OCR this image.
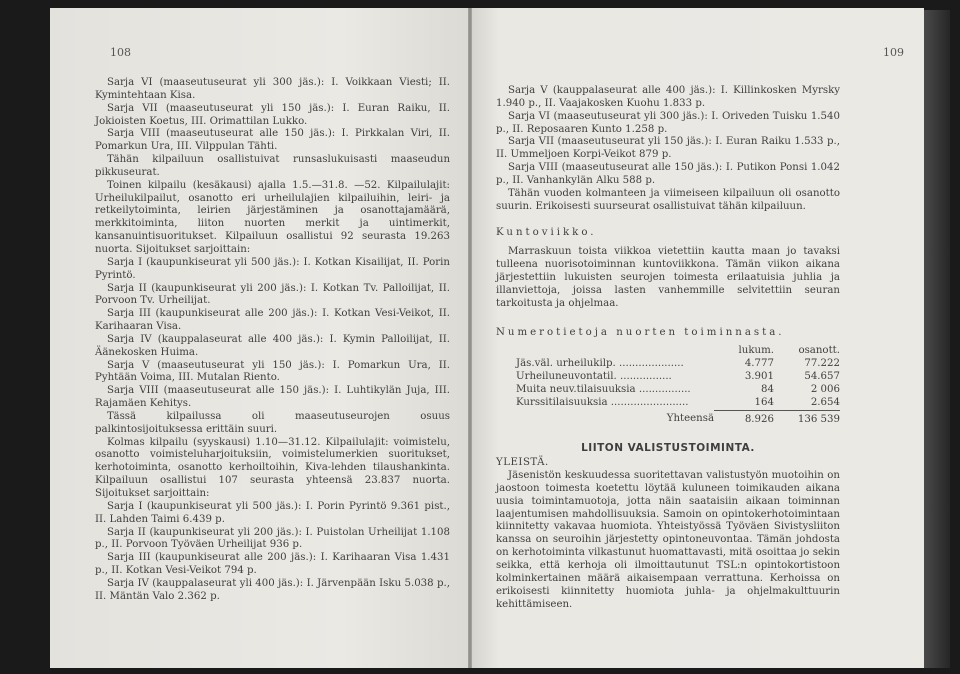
108

Sarja VI (maaseutuseurat yli 300 jäs.): I. Voikkaan Viesti; II. Kymintehtaan Kisa.

Sarja VII (maaseutuseurat yli 150 jäs.): I. Euran Raiku, II. Jokioisten Koetus, III. Orimattilan Lukko.

Sarja VIII (maaseutuseurat alle 150 jäs.): I. Pirkkalan Viri, II. Pomarkun Ura, III. Vilppulan Tähti.

Tähän kilpailuun osallistuivat runsaslukuisasti maaseudun pikkuseurat.

Toinen kilpailu (kesäkausi) ajalla 1.5.—31.8. —52. Kilpailulajit: Urheilukilpailut, osanotto eri urheilulajien kilpailuihin, leiri- ja retkeilytoiminta, leirien järjestäminen ja osanottajamäärä, merkkitoiminta, liiton nuorten merkit ja uintimerkit, kansanuintisuoritukset. Kilpailuun osallistui 92 seurasta 19.263 nuorta. Sijoitukset sarjoittain:

Sarja I (kaupunkiseurat yli 500 jäs.): I. Kotkan Kisailijat, II. Porin Pyrintö.

Sarja II (kaupunkiseurat yli 200 jäs.): I. Kotkan Tv. Palloilijat, II. Porvoon Tv. Urheilijat.

Sarja III (kaupunkiseurat alle 200 jäs.): I. Kotkan Vesi-Veikot, II. Karihaaran Visa.

Sarja IV (kauppalaseurat alle 400 jäs.): I. Kymin Palloilijat, II. Äänekosken Huima.

Sarja V (maaseutuseurat yli 150 jäs.): I. Pomarkun Ura, II. Pyhtään Voima, III. Mutalan Riento.

Sarja VIII (maaseutuseurat alle 150 jäs.): I. Luhtikylän Juja, III. Rajamäen Kehitys.

Tässä kilpailussa oli maaseutuseurojen osuus palkintosijoituksessa erittäin suuri.

Kolmas kilpailu (syyskausi) 1.10—31.12. Kilpailulajit: voimistelu, osanotto voimisteluharjoituksiin, voimistelumerkien suoritukset, kerhotoiminta, osanotto kerhoiltoihin, Kiva-lehden tilaushankinta. Kilpailuun osallistui 107 seurasta yhteensä 23.837 nuorta. Sijoitukset sarjoittain:

Sarja I (kaupunkiseurat yli 500 jäs.): I. Porin Pyrintö 9.361 pist., II. Lahden Taimi 6.439 p.

Sarja II (kaupunkiseurat yli 200 jäs.): I. Puistolan Urheilijat 1.108 p., II. Porvoon Työväen Urheilijat 936 p.

Sarja III (kaupunkiseurat alle 200 jäs.): I. Karihaaran Visa 1.431 p., II. Kotkan Vesi-Veikot 794 p.

Sarja IV (kauppalaseurat yli 400 jäs.): I. Järvenpään Isku 5.038 p., II. Mäntän Valo 2.362 p.

109

Sarja V (kauppalaseurat alle 400 jäs.): I. Killinkosken Myrsky 1.940 p., II. Vaajakosken Kuohu 1.833 p.

Sarja VI (maaseutuseurat yli 300 jäs.): I. Oriveden Tuisku 1.540 p., II. Reposaaren Kunto 1.258 p.

Sarja VII (maaseutuseurat yli 150 jäs.): I. Euran Raiku 1.533 p., II. Ummeljoen Korpi-Veikot 879 p.

Sarja VIII (maaseutuseurat alle 150 jäs.): I. Putikon Ponsi 1.042 p., II. Vanhankylän Alku 588 p.

Tähän vuoden kolmanteen ja viimeiseen kilpailuun oli osanotto suurin. Erikoisesti suurseurat osallistuivat tähän kilpailuun.

Kuntoviikko.

Marraskuun toista viikkoa vietettiin kautta maan jo tavaksi tulleena nuorisotoiminnan kuntoviikkona. Tämän viikon aikana järjestettiin lukuisten seurojen toimesta erilaatuisia juhlia ja illanviettoja, joissa lasten vanhemmille selvitettiin seuran tarkoitusta ja ohjelmaa.

Numerotietoja nuorten toiminnasta.

	lukum.	osanott.
Jäs.väl. urheilukilp. ....................	4.777	77.222
Urheiluneuvontatil. ................	3.901	54.657
Muita neuv.tilaisuuksia ................	84	2 006
Kurssitilaisuuksia ........................	164	2.654
Yhteensä	8.926	136 539

LIITON VALISTUSTOIMINTA.

YLEISTÄ.

Jäsenistön keskuudessa suoritettavan valistustyön muotoihin on jaostoon toimesta koetettu löytää kuluneen toimikauden aikana uusia toimintamuotoja, jotta näin saataisiin aikaan toiminnan laajentumisen mahdollisuuksia. Samoin on opintokerhotoimintaan kiinnitetty vakavaa huomiota. Yhteistyössä Työväen Sivistysliiton kanssa on seuroihin järjestetty opintoneuvontaa. Tämän johdosta on kerhotoiminta vilkastunut huomattavasti, mitä osoittaa jo sekin seikka, että kerhoja oli ilmoittautunut TSL:n opintokortistoon kolminkertainen määrä aikaisempaan verrattuna. Kerhoissa on erikoisesti kiinnitetty huomiota juhla- ja ohjelmakulttuurin kehittämiseen.
